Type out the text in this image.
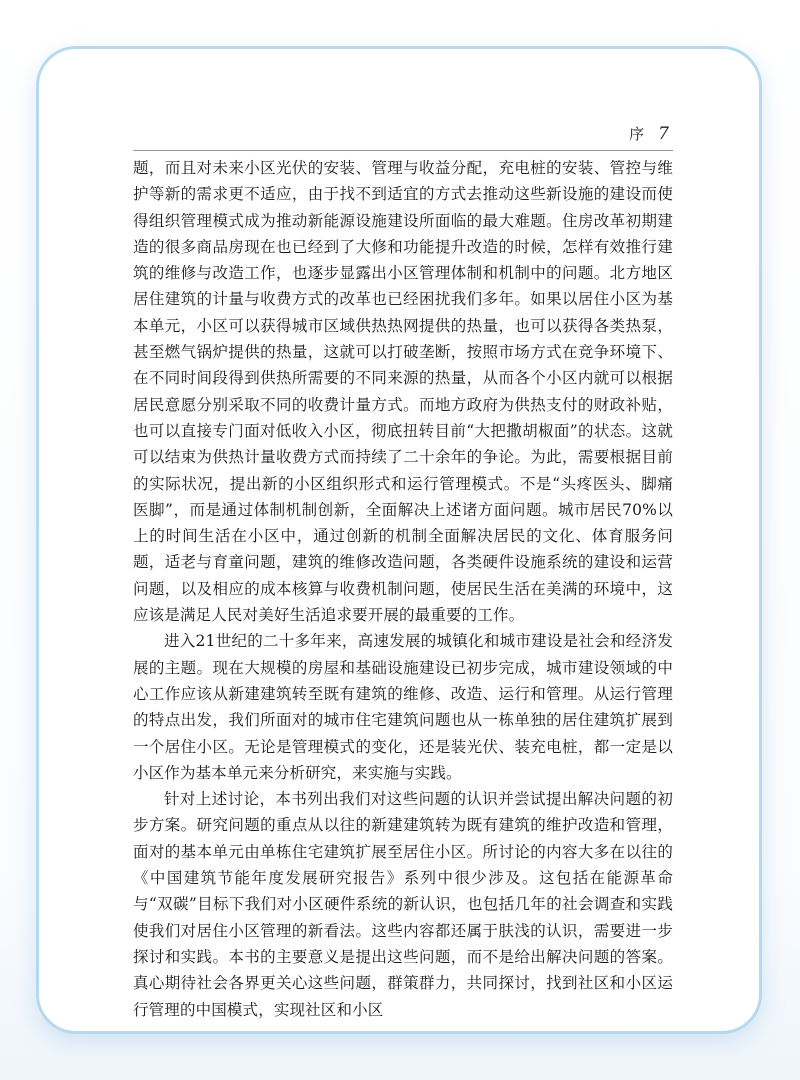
序 7

题，而且对未来小区光伏的安装、管理与收益分配，充电桩的安装、管控与维护等新的需求更不适应，由于找不到适宜的方式去推动这些新设施的建设而使得组织管理模式成为推动新能源设施建设所面临的最大难题。住房改革初期建造的很多商品房现在也已经到了大修和功能提升改造的时候，怎样有效推行建筑的维修与改造工作，也逐步显露出小区管理体制和机制中的问题。北方地区居住建筑的计量与收费方式的改革也已经困扰我们多年。如果以居住小区为基本单元，小区可以获得城市区域供热热网提供的热量，也可以获得各类热泵，甚至燃气锅炉提供的热量，这就可以打破垄断，按照市场方式在竞争环境下、在不同时间段得到供热所需要的不同来源的热量，从而各个小区内就可以根据居民意愿分别采取不同的收费计量方式。而地方政府为供热支付的财政补贴，也可以直接专门面对低收入小区，彻底扭转目前“大把撒胡椒面”的状态。这就可以结束为供热计量收费方式而持续了二十余年的争论。为此，需要根据目前的实际状况，提出新的小区组织形式和运行管理模式。不是“头疼医头、脚痛医脚”，而是通过体制机制创新，全面解决上述诸方面问题。城市居民70%以上的时间生活在小区中，通过创新的机制全面解决居民的文化、体育服务问题，适老与育童问题，建筑的维修改造问题，各类硬件设施系统的建设和运营问题，以及相应的成本核算与收费机制问题，使居民生活在美满的环境中，这应该是满足人民对美好生活追求要开展的最重要的工作。

进入21世纪的二十多年来，高速发展的城镇化和城市建设是社会和经济发展的主题。现在大规模的房屋和基础设施建设已初步完成，城市建设领域的中心工作应该从新建建筑转至既有建筑的维修、改造、运行和管理。从运行管理的特点出发，我们所面对的城市住宅建筑问题也从一栋单独的居住建筑扩展到一个居住小区。无论是管理模式的变化，还是装光伏、装充电桩，都一定是以小区作为基本单元来分析研究，来实施与实践。

针对上述讨论，本书列出我们对这些问题的认识并尝试提出解决问题的初步方案。研究问题的重点从以往的新建建筑转为既有建筑的维护改造和管理，面对的基本单元由单栋住宅建筑扩展至居住小区。所讨论的内容大多在以往的《中国建筑节能年度发展研究报告》系列中很少涉及。这包括在能源革命与“双碳”目标下我们对小区硬件系统的新认识，也包括几年的社会调查和实践使我们对居住小区管理的新看法。这些内容都还属于肤浅的认识，需要进一步探讨和实践。本书的主要意义是提出这些问题，而不是给出解决问题的答案。真心期待社会各界更关心这些问题，群策群力，共同探讨，找到社区和小区运行管理的中国模式，实现社区和小区
